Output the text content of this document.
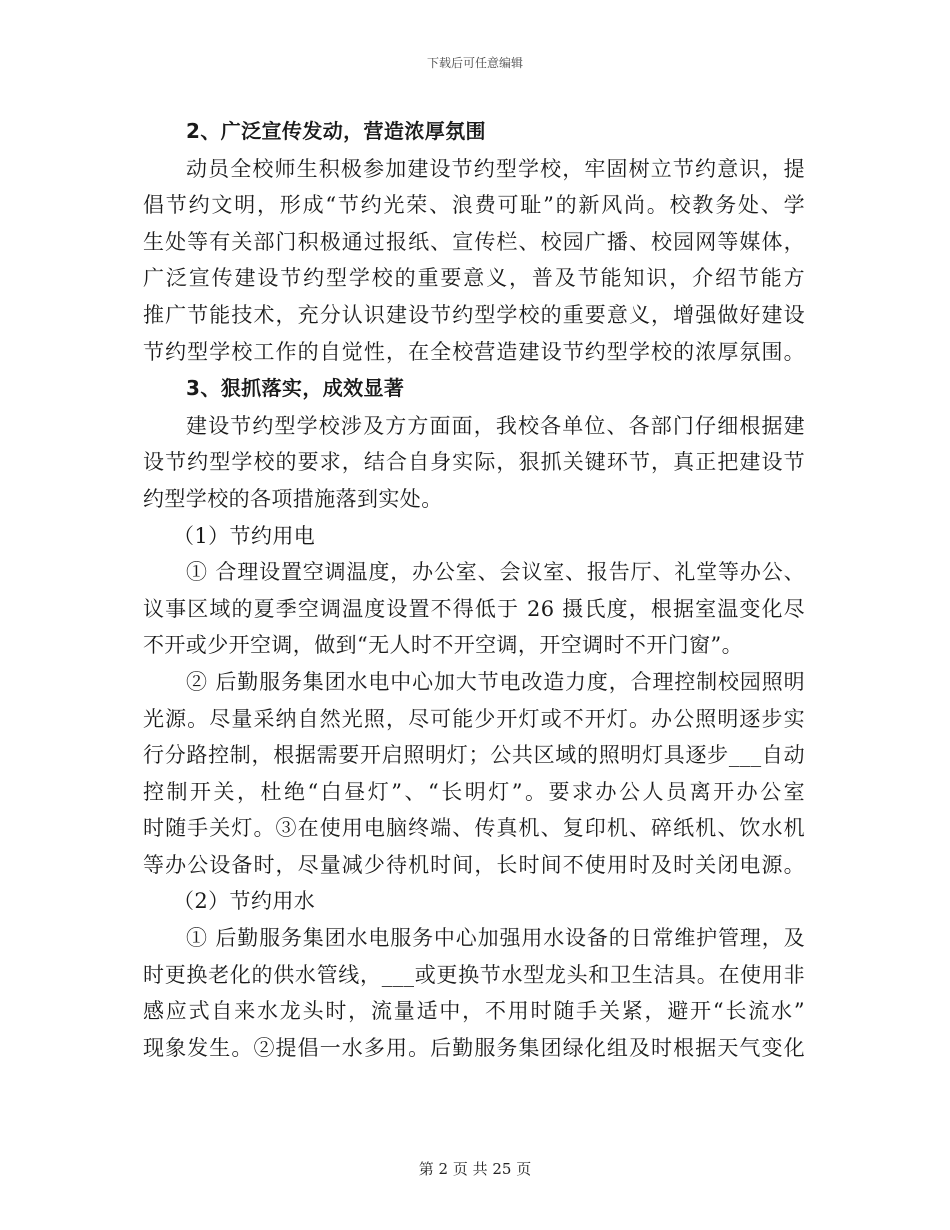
下载后可任意编辑
2、广泛宣传发动，营造浓厚氛围
动员全校师生积极参加建设节约型学校，牢固树立节约意识，提
倡节约文明，形成“节约光荣、浪费可耻”的新风尚。校教务处、学
生处等有关部门积极通过报纸、宣传栏、校园广播、校园网等媒体，
广泛宣传建设节约型学校的重要意义，普及节能知识，介绍节能方
推广节能技术，充分认识建设节约型学校的重要意义，增强做好建设
节约型学校工作的自觉性，在全校营造建设节约型学校的浓厚氛围。
3、狠抓落实，成效显著
建设节约型学校涉及方方面面，我校各单位、各部门仔细根据建
设节约型学校的要求，结合自身实际，狠抓关键环节，真正把建设节
约型学校的各项措施落到实处。
（1）节约用电
① 合理设置空调温度，办公室、会议室、报告厅、礼堂等办公、
议事区域的夏季空调温度设置不得低于 26 摄氏度，根据室温变化尽
不开或少开空调，做到“无人时不开空调，开空调时不开门窗”。
② 后勤服务集团水电中心加大节电改造力度，合理控制校园照明
光源。尽量采纳自然光照，尽可能少开灯或不开灯。办公照明逐步实
行分路控制，根据需要开启照明灯；公共区域的照明灯具逐步___自动
控制开关，杜绝“白昼灯”、“长明灯”。要求办公人员离开办公室
时随手关灯。③在使用电脑终端、传真机、复印机、碎纸机、饮水机
等办公设备时，尽量减少待机时间，长时间不使用时及时关闭电源。
（2）节约用水
① 后勤服务集团水电服务中心加强用水设备的日常维护管理，及
时更换老化的供水管线，___或更换节水型龙头和卫生洁具。在使用非
感应式自来水龙头时，流量适中，不用时随手关紧，避开“长流水”
现象发生。②提倡一水多用。后勤服务集团绿化组及时根据天气变化
第 2 页 共 25 页
